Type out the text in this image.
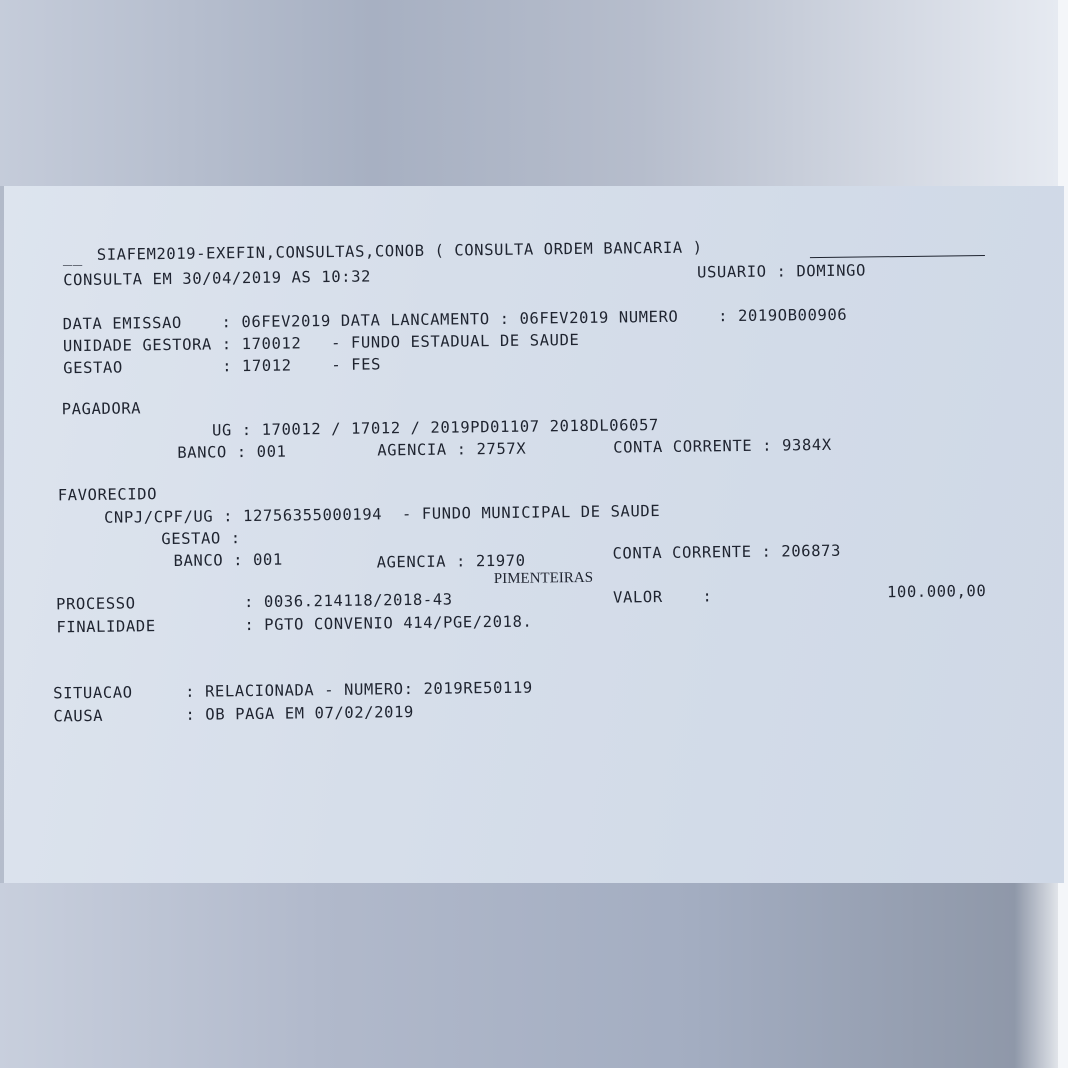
__ SIAFEM2019-EXEFIN,CONSULTAS,CONOB ( CONSULTA ORDEM BANCARIA )
CONSULTA EM 30/04/2019 AS 10:32	USUARIO : DOMINGO
DATA EMISSAO    : 06FEV2019 DATA LANCAMENTO : 06FEV2019 NUMERO    : 2019OB00906
UNIDADE GESTORA : 170012   - FUNDO ESTADUAL DE SAUDE
GESTAO          : 17012    - FES
PAGADORA
UG : 170012 / 17012 / 2019PD01107 2018DL06057
BANCO : 001	AGENCIA : 2757X	CONTA CORRENTE : 9384X
FAVORECIDO
CNPJ/CPF/UG : 12756355000194  - FUNDO MUNICIPAL DE SAUDE
GESTAO :
BANCO : 001	AGENCIA : 21970	CONTA CORRENTE : 206873
PIMENTEIRAS
PROCESSO	: 0036.214118/2018-43	VALOR    :	100.000,00
FINALIDADE	: PGTO CONVENIO 414/PGE/2018.
SITUACAO	: RELACIONADA - NUMERO: 2019RE50119
CAUSA	: OB PAGA EM 07/02/2019
